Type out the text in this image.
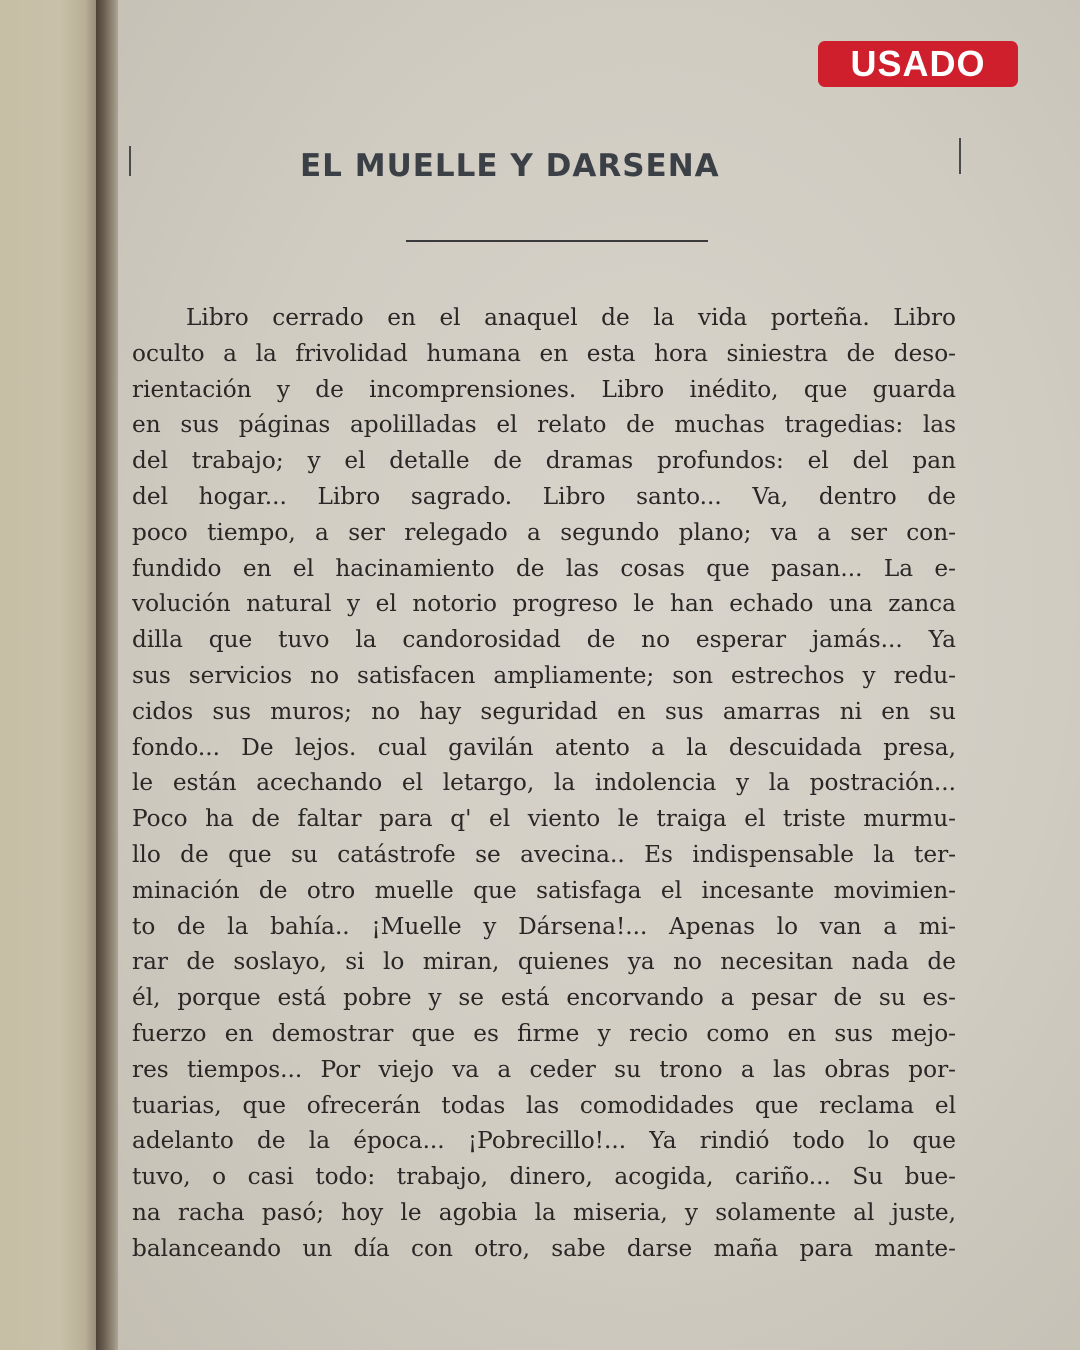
EL MUELLE Y DARSENA
Libro cerrado en el anaquel de la vida porteña. Libro
oculto a la frivolidad humana en esta hora siniestra de deso-
rientación y de incomprensiones. Libro inédito, que guarda
en sus páginas apolilladas el relato de muchas tragedias: las
del trabajo; y el detalle de dramas profundos: el del pan
del hogar... Libro sagrado. Libro santo... Va, dentro de
poco tiempo, a ser relegado a segundo plano; va a ser con-
fundido en el hacinamiento de las cosas que pasan... La e-
volución natural y el notorio progreso le han echado una zanca
dilla que tuvo la candorosidad de no esperar jamás... Ya
sus servicios no satisfacen ampliamente; son estrechos y redu-
cidos sus muros; no hay seguridad en sus amarras ni en su
fondo... De lejos. cual gavilán atento a la descuidada presa,
le están acechando el letargo, la indolencia y la postración...
Poco ha de faltar para q' el viento le traiga el triste murmu-
llo de que su catástrofe se avecina.. Es indispensable la ter-
minación de otro muelle que satisfaga el incesante movimien-
to de la bahía.. ¡Muelle y Dársena!... Apenas lo van a mi-
rar de soslayo, si lo miran, quienes ya no necesitan nada de
él, porque está pobre y se está encorvando a pesar de su es-
fuerzo en demostrar que es firme y recio como en sus mejo-
res tiempos... Por viejo va a ceder su trono a las obras por-
tuarias, que ofrecerán todas las comodidades que reclama el
adelanto de la época... ¡Pobrecillo!... Ya rindió todo lo que
tuvo, o casi todo: trabajo, dinero, acogida, cariño... Su bue-
na racha pasó; hoy le agobia la miseria, y solamente al juste,
balanceando un día con otro, sabe darse maña para mante-
USADO
